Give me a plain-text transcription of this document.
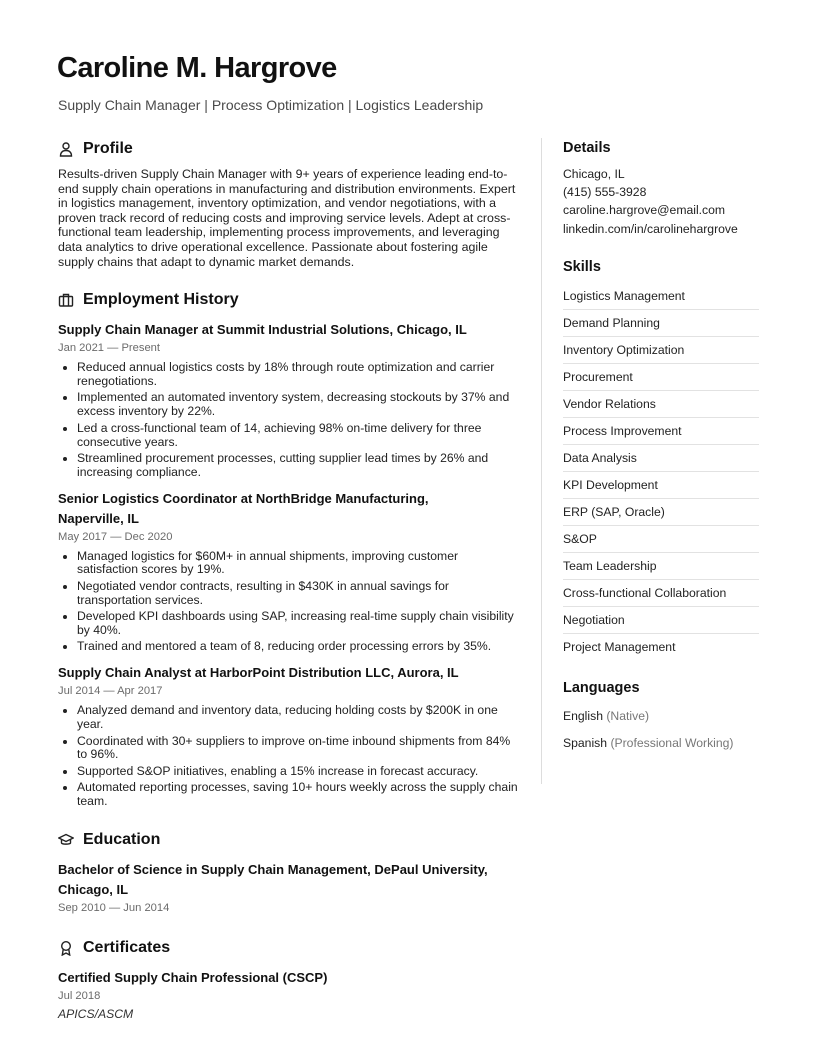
Caroline M. Hargrove
Supply Chain Manager | Process Optimization | Logistics Leadership
Profile

Results-driven Supply Chain Manager with 9+ years of experience leading end-to-end supply chain operations in manufacturing and distribution environments. Expert in logistics management, inventory optimization, and vendor negotiations, with a proven track record of reducing costs and improving service levels. Adept at cross-functional team leadership, implementing process improvements, and leveraging data analytics to drive operational excellence. Passionate about fostering agile supply chains that adapt to dynamic market demands.

Employment History
Supply Chain Manager at Summit Industrial Solutions, Chicago, IL
Jan 2021 — Present
Reduced annual logistics costs by 18% through route optimization and carrier renegotiations.
Implemented an automated inventory system, decreasing stockouts by 37% and excess inventory by 22%.
Led a cross-functional team of 14, achieving 98% on-time delivery for three consecutive years.
Streamlined procurement processes, cutting supplier lead times by 26% and increasing compliance.
Senior Logistics Coordinator at NorthBridge Manufacturing, Naperville, IL
May 2017 — Dec 2020
Managed logistics for $60M+ in annual shipments, improving customer satisfaction scores by 19%.
Negotiated vendor contracts, resulting in $430K in annual savings for transportation services.
Developed KPI dashboards using SAP, increasing real-time supply chain visibility by 40%.
Trained and mentored a team of 8, reducing order processing errors by 35%.
Supply Chain Analyst at HarborPoint Distribution LLC, Aurora, IL
Jul 2014 — Apr 2017
Analyzed demand and inventory data, reducing holding costs by $200K in one year.
Coordinated with 30+ suppliers to improve on-time inbound shipments from 84% to 96%.
Supported S&OP initiatives, enabling a 15% increase in forecast accuracy.
Automated reporting processes, saving 10+ hours weekly across the supply chain team.
Education
Bachelor of Science in Supply Chain Management, DePaul University, Chicago, IL
Sep 2010 — Jun 2014
Certificates
Certified Supply Chain Professional (CSCP)
Jul 2018
APICS/ASCM
Details
Chicago, IL
(415) 555-3928
caroline.hargrove@email.com
linkedin.com/in/carolinehargrove
Skills
Logistics Management
Demand Planning
Inventory Optimization
Procurement
Vendor Relations
Process Improvement
Data Analysis
KPI Development
ERP (SAP, Oracle)
S&OP
Team Leadership
Cross-functional Collaboration
Negotiation
Project Management
Languages
English (Native)
Spanish (Professional Working)
